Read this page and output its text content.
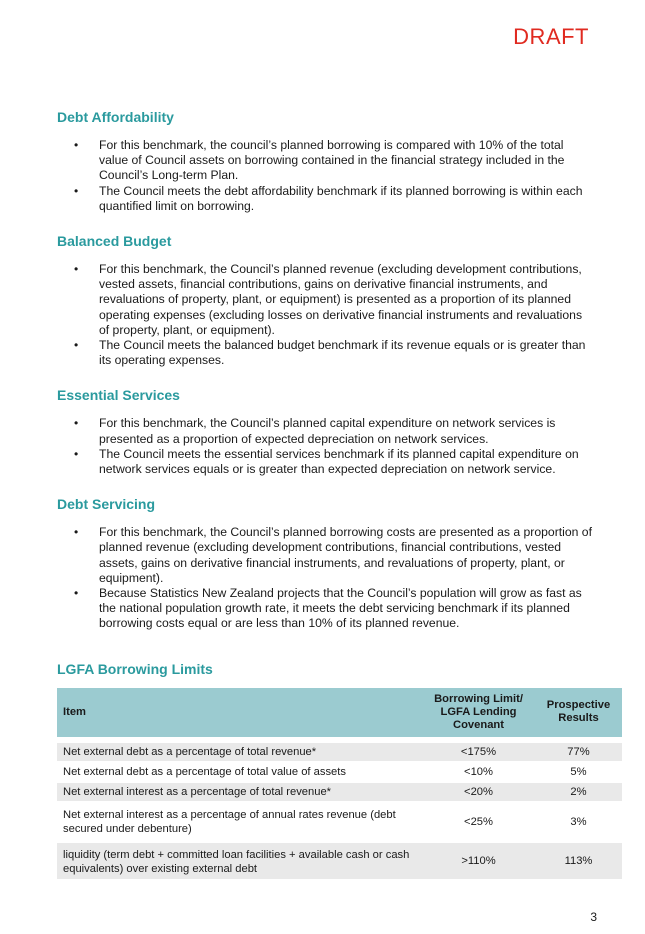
DRAFT
Debt Affordability
• For this benchmark, the council’s planned borrowing is compared with 10% of the total value of Council assets on borrowing contained in the financial strategy included in the Council’s Long-term Plan.
• The Council meets the debt affordability benchmark if its planned borrowing is within each quantified limit on borrowing.
Balanced Budget
• For this benchmark, the Council’s planned revenue (excluding development contributions, vested assets, financial contributions, gains on derivative financial instruments, and revaluations of property, plant, or equipment) is presented as a proportion of its planned operating expenses (excluding losses on derivative financial instruments and revaluations of property, plant, or equipment).
• The Council meets the balanced budget benchmark if its revenue equals or is greater than its operating expenses.
Essential Services
• For this benchmark, the Council’s planned capital expenditure on network services is presented as a proportion of expected depreciation on network services.
• The Council meets the essential services benchmark if its planned capital expenditure on network services equals or is greater than expected depreciation on network service.
Debt Servicing
• For this benchmark, the Council’s planned borrowing costs are presented as a proportion of planned revenue (excluding development contributions, financial contributions, vested assets, gains on derivative financial instruments, and revaluations of property, plant, or equipment).
• Because Statistics New Zealand projects that the Council’s population will grow as fast as the national population growth rate, it meets the debt servicing benchmark if its planned borrowing costs equal or are less than 10% of its planned revenue.
LGFA Borrowing Limits
Item	Borrowing Limit/ LGFA Lending Covenant	Prospective Results

Net external debt as a percentage of total revenue*	<175%	77%
Net external debt as a percentage of total value of assets	<10%	5%
Net external interest as a percentage of total revenue*	<20%	2%
Net external interest as a percentage of annual rates revenue (debt secured under debenture)	<25%	3%
liquidity (term debt + committed loan facilities + available cash or cash equivalents) over existing external debt	>110%	113%
3
